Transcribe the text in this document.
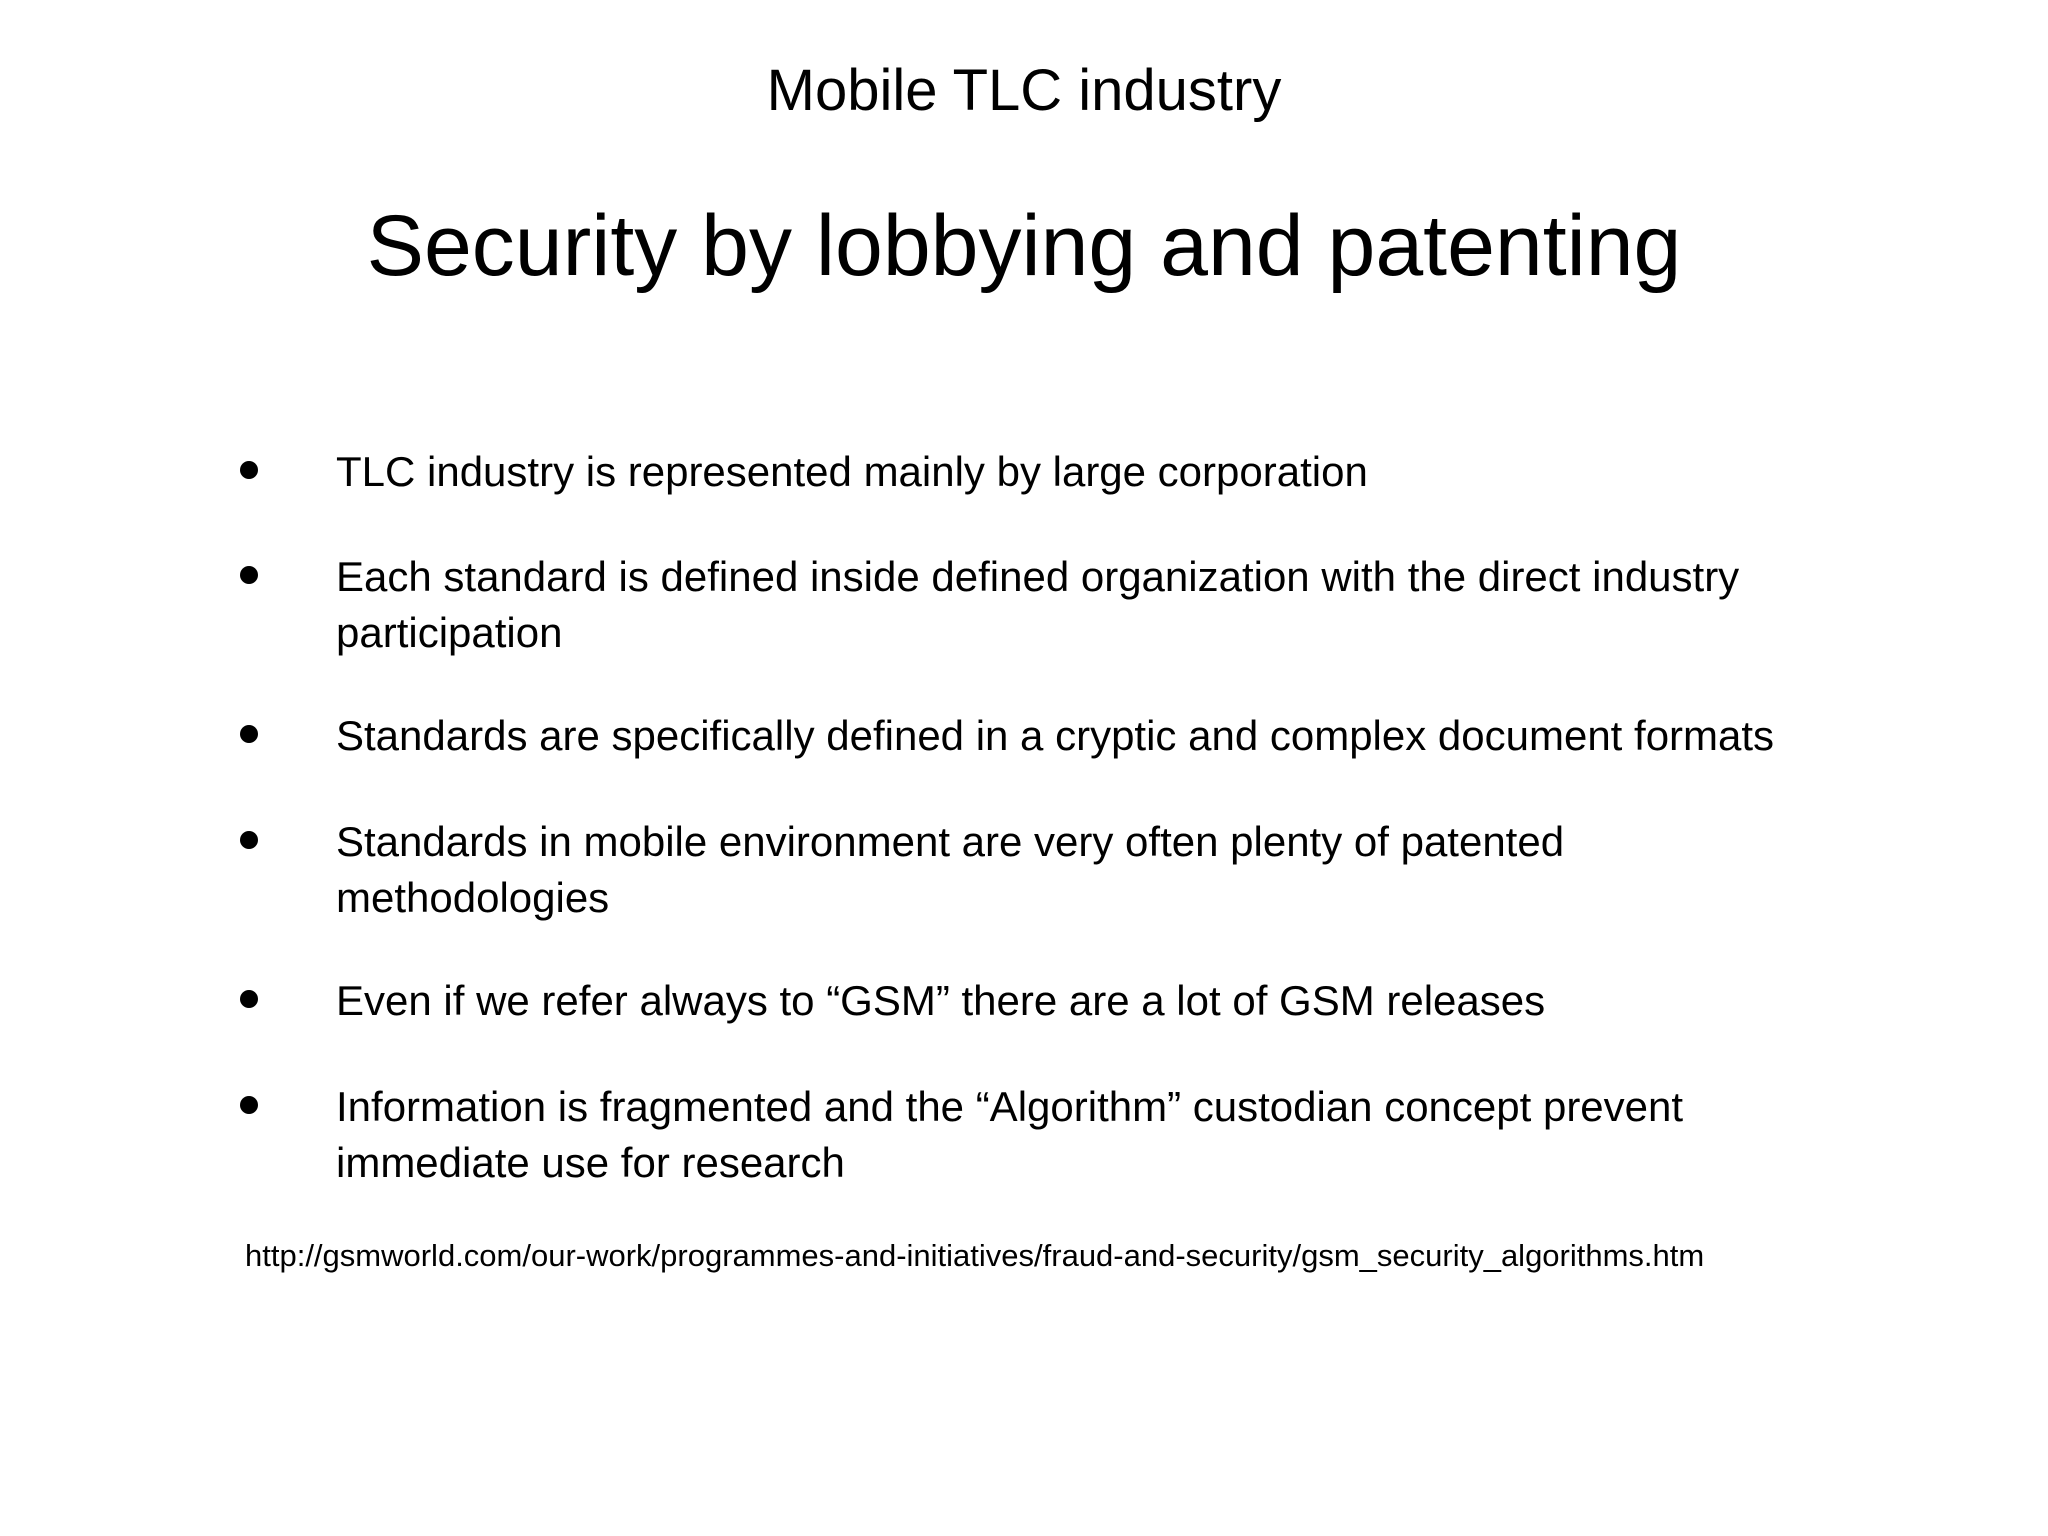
Mobile TLC industry
Security by lobbying and patenting
TLC industry is represented mainly by large corporation
Each standard is defined inside defined organization with the direct industry participation
Standards are specifically defined in a cryptic and complex document formats
Standards in mobile environment are very often plenty of patented methodologies
Even if we refer always to “GSM” there are a lot of GSM releases
Information is fragmented and the “Algorithm” custodian concept prevent immediate use for research
http://gsmworld.com/our-work/programmes-and-initiatives/fraud-and-security/gsm_security_algorithms.htm
